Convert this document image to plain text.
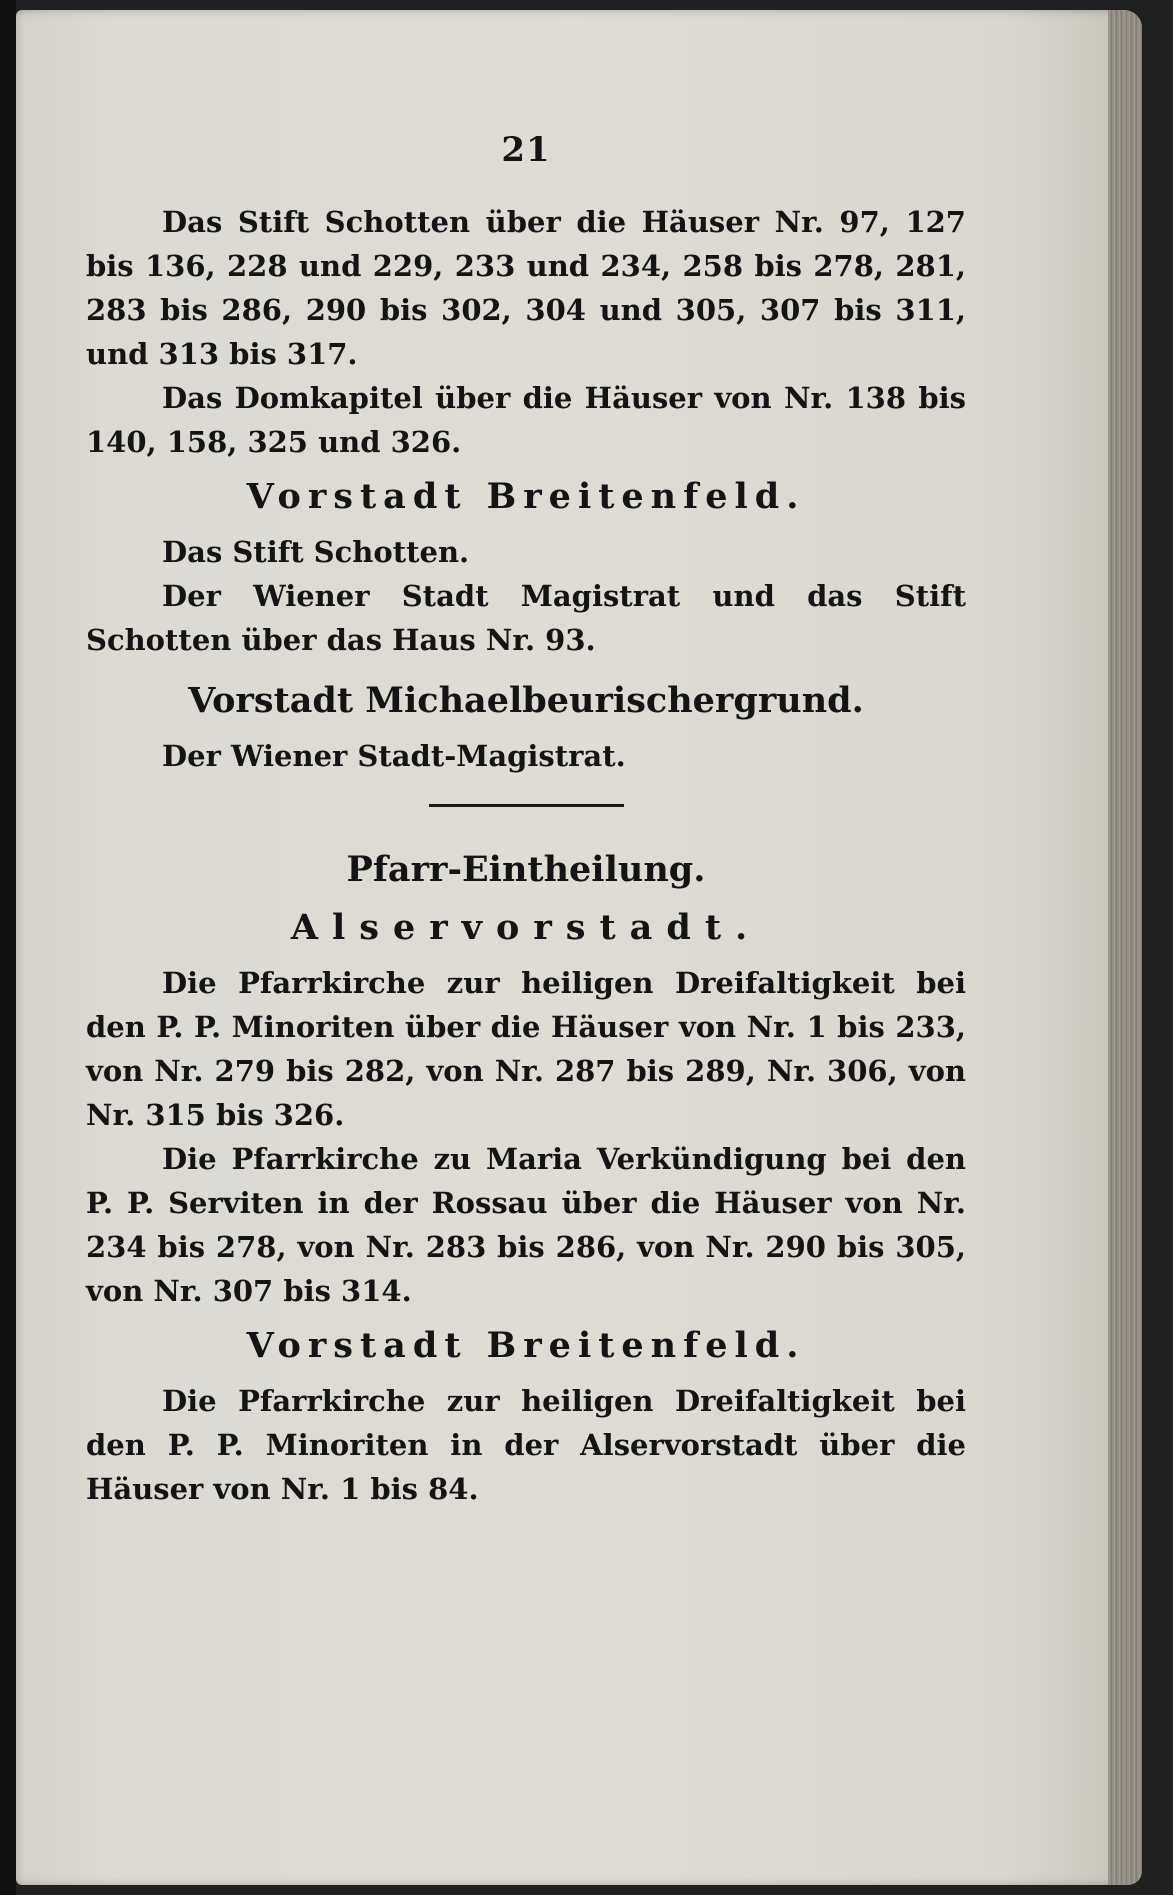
21

Das Stift Schotten über die Häuser Nr. 97, 127 bis 136, 228 und 229, 233 und 234, 258 bis 278, 281, 283 bis 286, 290 bis 302, 304 und 305, 307 bis 311, und 313 bis 317.

Das Domkapitel über die Häuser von Nr. 138 bis 140, 158, 325 und 326.

Vorstadt Breitenfeld.

Das Stift Schotten.

Der Wiener Stadt Magistrat und das Stift Schotten über das Haus Nr. 93.

Vorstadt Michaelbeurischergrund.

Der Wiener Stadt-Magistrat.

Pfarr-Eintheilung.
Alservorstadt.

Die Pfarrkirche zur heiligen Dreifaltigkeit bei den P. P. Minoriten über die Häuser von Nr. 1 bis 233, von Nr. 279 bis 282, von Nr. 287 bis 289, Nr. 306, von Nr. 315 bis 326.

Die Pfarrkirche zu Maria Verkündigung bei den P. P. Serviten in der Rossau über die Häuser von Nr. 234 bis 278, von Nr. 283 bis 286, von Nr. 290 bis 305, von Nr. 307 bis 314.

Vorstadt Breitenfeld.

Die Pfarrkirche zur heiligen Dreifaltigkeit bei den P. P. Minoriten in der Alservorstadt über die Häuser von Nr. 1 bis 84.
